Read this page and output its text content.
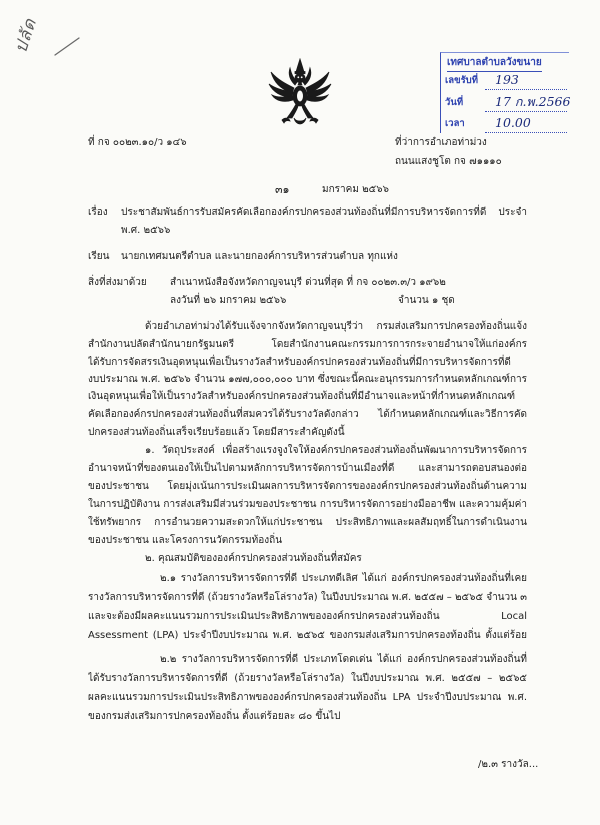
ปลัด
เทศบาลตำบลวังขนาย
เลขรับที่	193
วันที่	17 ก.พ.2566
เวลา	10.00
ที่ กจ ๐๐๒๓.๑๐/ว ๑๔๖	ที่ว่าการอำเภอท่าม่วง
ถนนแสงชูโต กจ ๗๑๑๑๐
๓๑	มกราคม ๒๕๖๖
เรื่อง ประชาสัมพันธ์การรับสมัครคัดเลือกองค์กรปกครองส่วนท้องถิ่นที่มีการบริหารจัดการที่ดี ประจำ
พ.ศ. ๒๕๖๖
เรียน นายกเทศมนตรีตำบล และนายกองค์การบริหารส่วนตำบล ทุกแห่ง
สิ่งที่ส่งมาด้วย สำเนาหนังสือจังหวัดกาญจนบุรี ด่วนที่สุด ที่ กจ ๐๐๒๓.๓/ว ๑๙๖๒
ลงวันที่ ๒๖ มกราคม ๒๕๖๖	จำนวน ๑ ชุด
ด้วยอำเภอท่าม่วงได้รับแจ้งจากจังหวัดกาญจนบุรีว่า กรมส่งเสริมการปกครองท้องถิ่นแจ้ง
สำนักงานปลัดสำนักนายกรัฐมนตรี โดยสำนักงานคณะกรรมการการกระจายอำนาจให้แก่องค์กร
ได้รับการจัดสรรเงินอุดหนุนเพื่อเป็นรางวัลสำหรับองค์กรปกครองส่วนท้องถิ่นที่มีการบริหารจัดการที่ดี
งบประมาณ พ.ศ. ๒๕๖๖ จำนวน ๑๗๗,๐๐๐,๐๐๐ บาท ซึ่งขณะนี้คณะอนุกรรมการกำหนดหลักเกณฑ์การ
เงินอุดหนุนเพื่อให้เป็นรางวัลสำหรับองค์กรปกครองส่วนท้องถิ่นที่มีอำนาจและหน้าที่กำหนดหลักเกณฑ์
คัดเลือกองค์กรปกครองส่วนท้องถิ่นที่สมควรได้รับรางวัลดังกล่าว ได้กำหนดหลักเกณฑ์และวิธีการคัด
ปกครองส่วนท้องถิ่นเสร็จเรียบร้อยแล้ว โดยมีสาระสำคัญดังนี้
๑. วัตถุประสงค์ เพื่อสร้างแรงจูงใจให้องค์กรปกครองส่วนท้องถิ่นพัฒนาการบริหารจัดการ
อำนาจหน้าที่ของตนเองให้เป็นไปตามหลักการบริหารจัดการบ้านเมืองที่ดี และสามารถตอบสนองต่อ
ของประชาชน โดยมุ่งเน้นการประเมินผลการบริหารจัดการขององค์กรปกครองส่วนท้องถิ่นด้านความ
ในการปฏิบัติงาน การส่งเสริมมีส่วนร่วมของประชาชน การบริหารจัดการอย่างมืออาชีพ และความคุ้มค่า
ใช้ทรัพยากร การอำนวยความสะดวกให้แก่ประชาชน ประสิทธิภาพและผลสัมฤทธิ์ในการดำเนินงาน
ของประชาชน และโครงการนวัตกรรมท้องถิ่น
๒. คุณสมบัติขององค์กรปกครองส่วนท้องถิ่นที่สมัคร
๒.๑ รางวัลการบริหารจัดการที่ดี ประเภทดีเลิศ ได้แก่ องค์กรปกครองส่วนท้องถิ่นที่เคย
รางวัลการบริหารจัดการที่ดี (ถ้วยรางวัลหรือโล่รางวัล) ในปีงบประมาณ พ.ศ. ๒๕๕๗ – ๒๕๖๕ จำนวน ๓
และจะต้องมีผลคะแนนรวมการประเมินประสิทธิภาพขององค์กรปกครองส่วนท้องถิ่น Local
Assessment (LPA) ประจำปีงบประมาณ พ.ศ. ๒๕๖๕ ของกรมส่งเสริมการปกครองท้องถิ่น ตั้งแต่ร้อย
๒.๒ รางวัลการบริหารจัดการที่ดี ประเภทโดดเด่น ได้แก่ องค์กรปกครองส่วนท้องถิ่นที่
ได้รับรางวัลการบริหารจัดการที่ดี (ถ้วยรางวัลหรือโล่รางวัล) ในปีงบประมาณ พ.ศ. ๒๕๕๗ – ๒๕๖๕
ผลคะแนนรวมการประเมินประสิทธิภาพขององค์กรปกครองส่วนท้องถิ่น LPA ประจำปีงบประมาณ พ.ศ.
ของกรมส่งเสริมการปกครองท้องถิ่น ตั้งแต่ร้อยละ ๘๐ ขึ้นไป
/๒.๓ รางวัล...
